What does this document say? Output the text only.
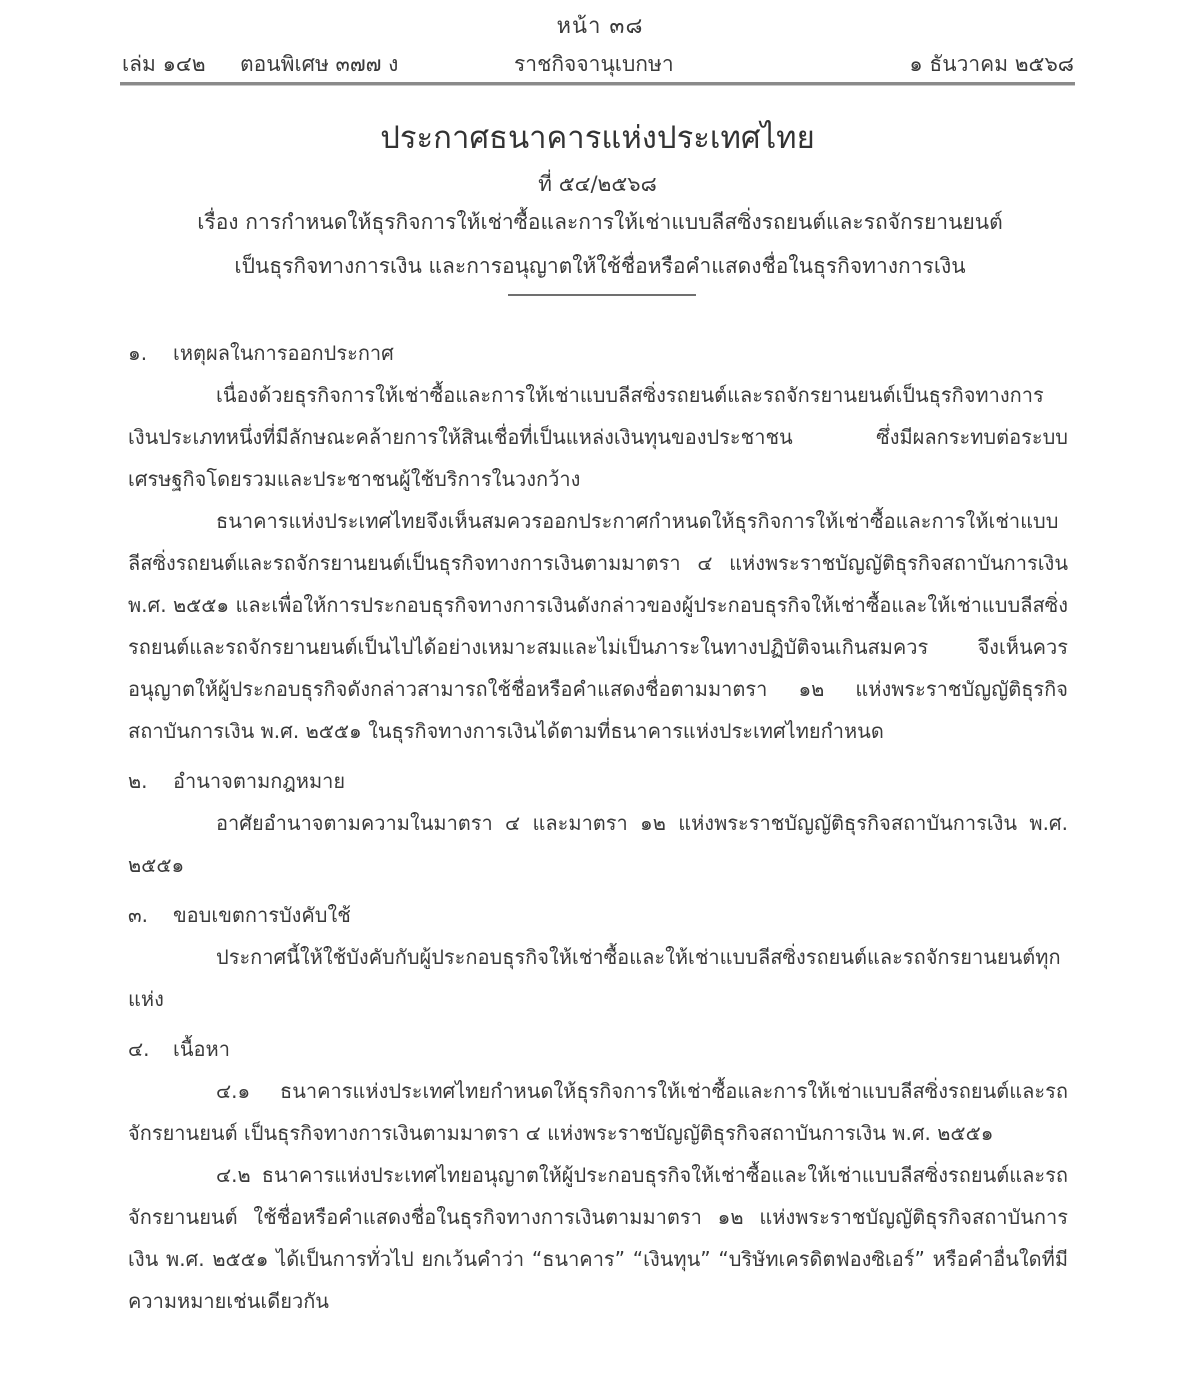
หน้า ๓๘
เล่ม ๑๔๒ ตอนพิเศษ ๓๗๗ ง	ราชกิจจานุเบกษา	๑ ธันวาคม ๒๕๖๘
ประกาศธนาคารแห่งประเทศไทย
ที่ ๕๔/๒๕๖๘
เรื่อง การกำหนดให้ธุรกิจการให้เช่าซื้อและการให้เช่าแบบลีสซิ่งรถยนต์และรถจักรยานยนต์
เป็นธุรกิจทางการเงิน และการอนุญาตให้ใช้ชื่อหรือคำแสดงชื่อในธุรกิจทางการเงิน
๑.	เหตุผลในการออกประกาศ
เนื่องด้วยธุรกิจการให้เช่าซื้อและการให้เช่าแบบลีสซิ่งรถยนต์และรถจักรยานยนต์เป็นธุรกิจทางการเงินประเภทหนึ่งที่มีลักษณะคล้ายการให้สินเชื่อที่เป็นแหล่งเงินทุนของประชาชน ซึ่งมีผลกระทบต่อระบบเศรษฐกิจโดยรวมและประชาชนผู้ใช้บริการในวงกว้าง
ธนาคารแห่งประเทศไทยจึงเห็นสมควรออกประกาศกำหนดให้ธุรกิจการให้เช่าซื้อและการให้เช่าแบบลีสซิ่งรถยนต์และรถจักรยานยนต์เป็นธุรกิจทางการเงินตามมาตรา ๔ แห่งพระราชบัญญัติธุรกิจสถาบันการเงิน พ.ศ. ๒๕๕๑ และเพื่อให้การประกอบธุรกิจทางการเงินดังกล่าวของผู้ประกอบธุรกิจให้เช่าซื้อและให้เช่าแบบลีสซิ่งรถยนต์และรถจักรยานยนต์เป็นไปได้อย่างเหมาะสมและไม่เป็นภาระในทางปฏิบัติจนเกินสมควร จึงเห็นควรอนุญาตให้ผู้ประกอบธุรกิจดังกล่าวสามารถใช้ชื่อหรือคำแสดงชื่อตามมาตรา ๑๒ แห่งพระราชบัญญัติธุรกิจสถาบันการเงิน พ.ศ. ๒๕๕๑ ในธุรกิจทางการเงินได้ตามที่ธนาคารแห่งประเทศไทยกำหนด
๒.	อำนาจตามกฎหมาย
อาศัยอำนาจตามความในมาตรา ๔ และมาตรา ๑๒ แห่งพระราชบัญญัติธุรกิจสถาบันการเงิน พ.ศ. ๒๕๕๑
๓.	ขอบเขตการบังคับใช้
ประกาศนี้ให้ใช้บังคับกับผู้ประกอบธุรกิจให้เช่าซื้อและให้เช่าแบบลีสซิ่งรถยนต์และรถจักรยานยนต์ทุกแห่ง
๔.	เนื้อหา
๔.๑ ธนาคารแห่งประเทศไทยกำหนดให้ธุรกิจการให้เช่าซื้อและการให้เช่าแบบลีสซิ่งรถยนต์และรถจักรยานยนต์ เป็นธุรกิจทางการเงินตามมาตรา ๔ แห่งพระราชบัญญัติธุรกิจสถาบันการเงิน พ.ศ. ๒๕๕๑
๔.๒ ธนาคารแห่งประเทศไทยอนุญาตให้ผู้ประกอบธุรกิจให้เช่าซื้อและให้เช่าแบบลีสซิ่งรถยนต์และรถจักรยานยนต์ ใช้ชื่อหรือคำแสดงชื่อในธุรกิจทางการเงินตามมาตรา ๑๒ แห่งพระราชบัญญัติธุรกิจสถาบันการเงิน พ.ศ. ๒๕๕๑ ได้เป็นการทั่วไป ยกเว้นคำว่า “ธนาคาร” “เงินทุน” “บริษัทเครดิตฟองซิเอร์” หรือคำอื่นใดที่มีความหมายเช่นเดียวกัน
